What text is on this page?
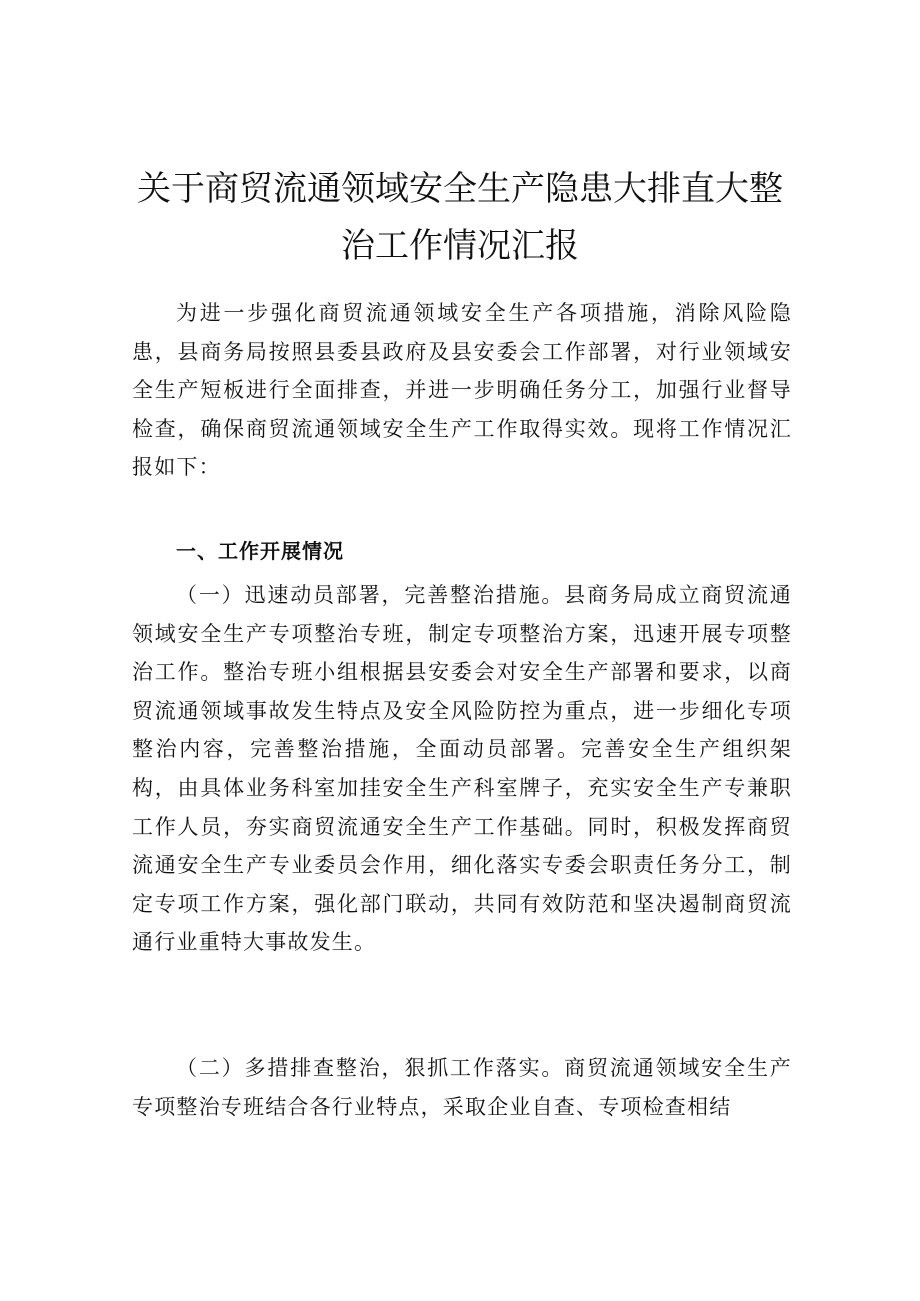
关于商贸流通领域安全生产隐患大排直大整
治工作情况汇报

为进一步强化商贸流通领域安全生产各项措施，消除风险隐患，县商务局按照县委县政府及县安委会工作部署，对行业领域安全生产短板进行全面排查，并进一步明确任务分工，加强行业督导检查，确保商贸流通领域安全生产工作取得实效。现将工作情况汇报如下：

一、工作开展情况

（一）迅速动员部署，完善整治措施。县商务局成立商贸流通领域安全生产专项整治专班，制定专项整治方案，迅速开展专项整治工作。整治专班小组根据县安委会对安全生产部署和要求，以商贸流通领域事故发生特点及安全风险防控为重点，进一步细化专项整治内容，完善整治措施，全面动员部署。完善安全生产组织架构，由具体业务科室加挂安全生产科室牌子，充实安全生产专兼职工作人员，夯实商贸流通安全生产工作基础。同时，积极发挥商贸流通安全生产专业委员会作用，细化落实专委会职责任务分工，制定专项工作方案，强化部门联动，共同有效防范和坚决遏制商贸流通行业重特大事故发生。

（二）多措排查整治，狠抓工作落实。商贸流通领域安全生产专项整治专班结合各行业特点，采取企业自查、专项检查相结
